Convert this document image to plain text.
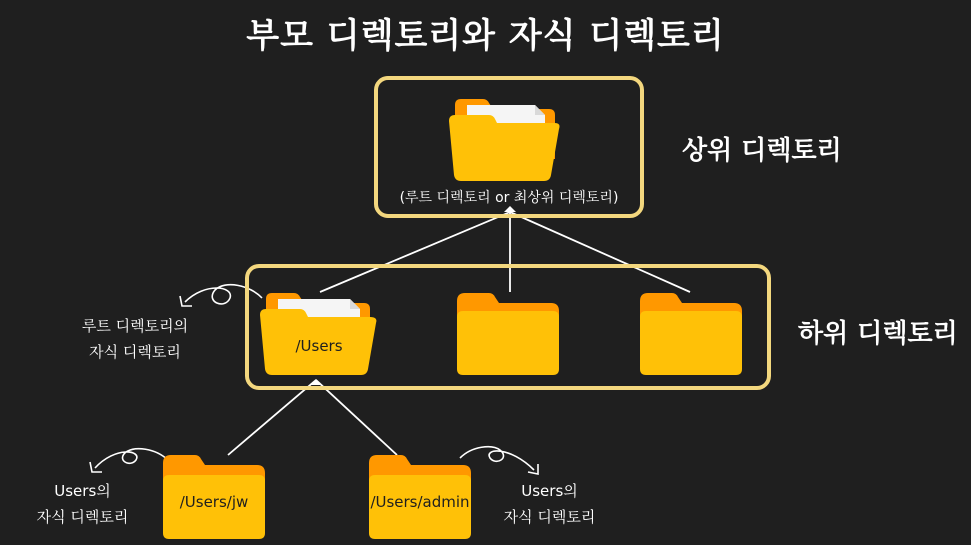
부모 디렉토리와 자식 디렉토리
(루트 디렉토리 or 최상위 디렉토리)
상위 디렉토리
/Users	하위 디렉토리
/Users/jw	/Users/admin
루트 디렉토리의
자식 디렉토리
Users의
자식 디렉토리
Users의
자식 디렉토리
